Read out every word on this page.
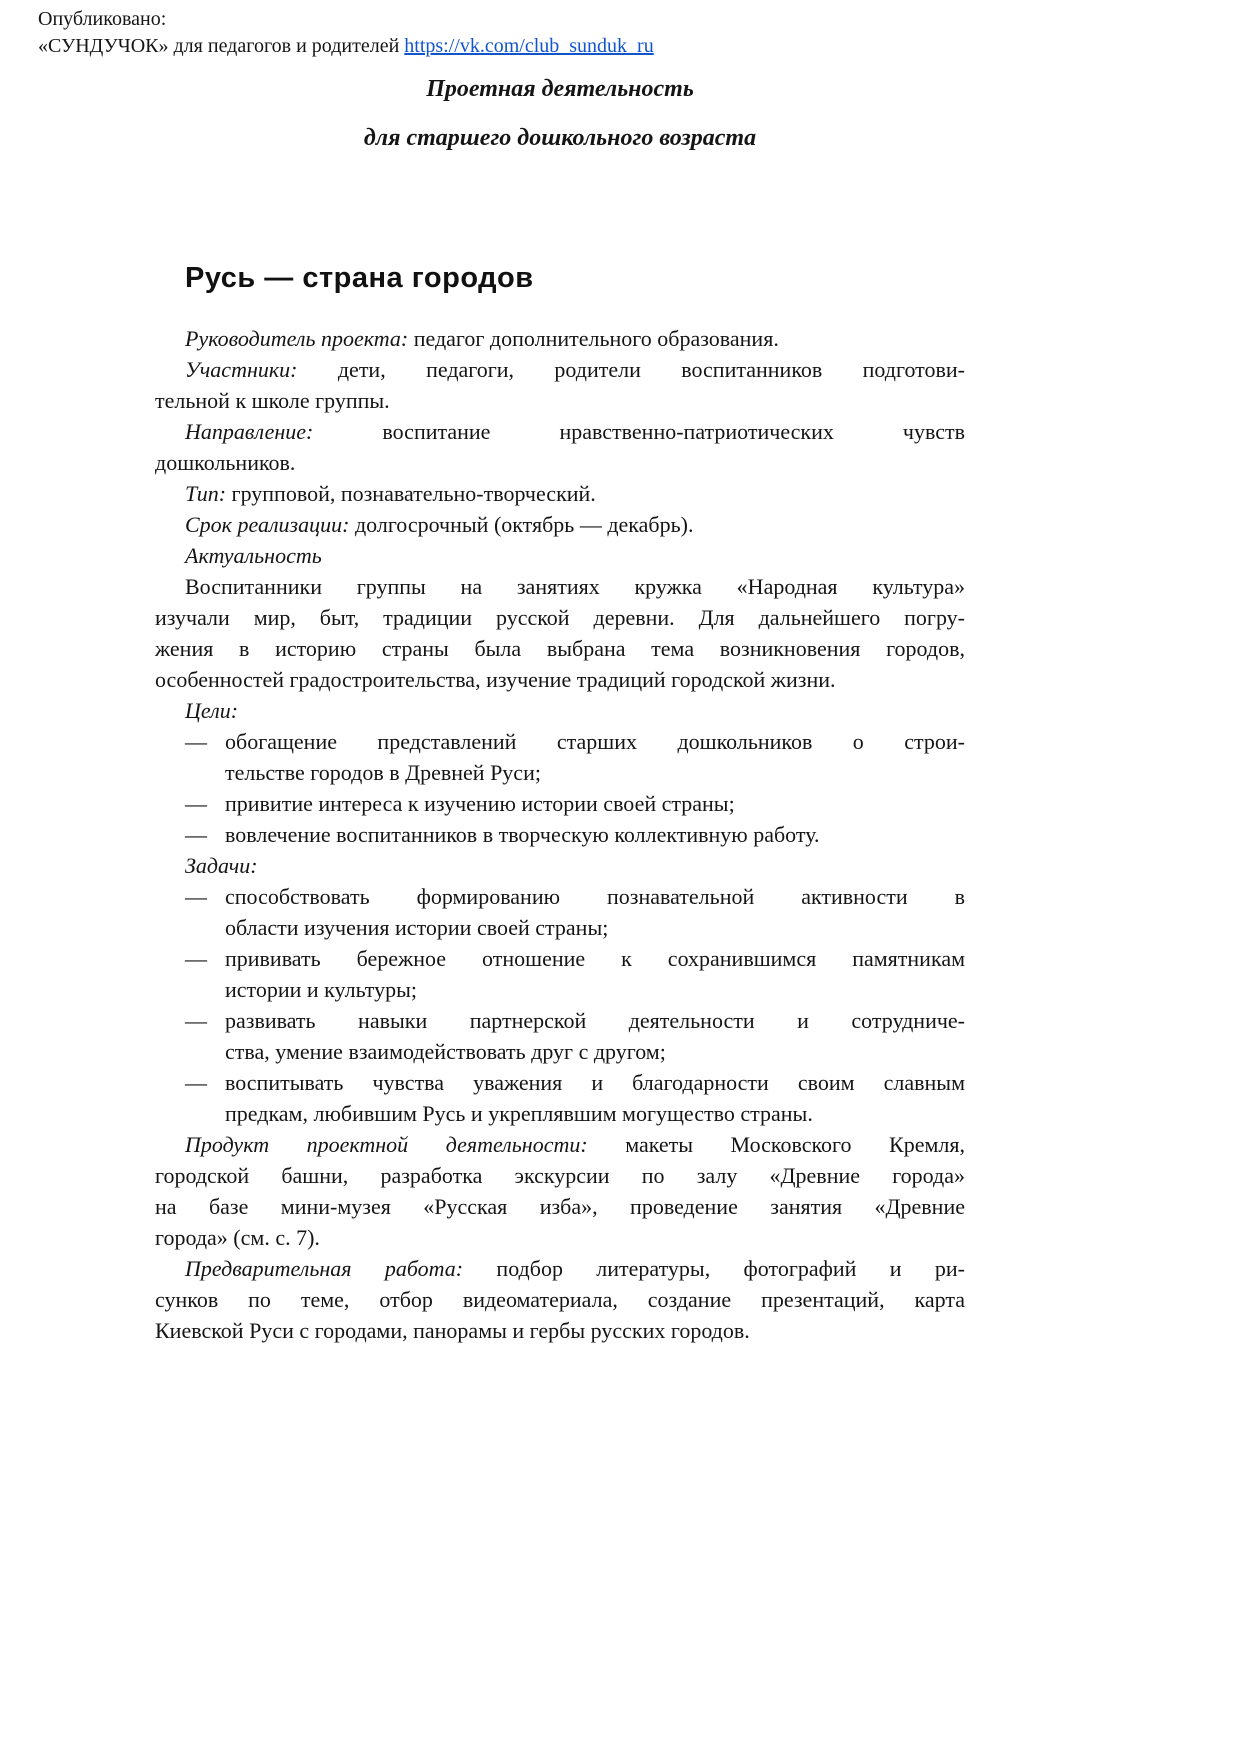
Опубликовано:
«СУНДУЧОК» для педагогов и родителей https://vk.com/club_sunduk_ru
Проетная деятельность
для старшего дошкольного возраста
Русь — страна городов
Руководитель проекта: педагог дополнительного образования.
Участники: дети, педагоги, родители воспитанников подготови-
тельной к школе группы.
Направление: воспитание нравственно-патриотических чувств
дошкольников.
Тип: групповой, познавательно-творческий.
Срок реализации: долгосрочный (октябрь — декабрь).
Актуальность
Воспитанники группы на занятиях кружка «Народная культура»
изучали мир, быт, традиции русской деревни. Для дальнейшего погру-
жения в историю страны была выбрана тема возникновения городов,
особенностей градостроительства, изучение традиций городской жизни.
Цели:
— обогащение представлений старших дошкольников о строи-
тельстве городов в Древней Руси;
— привитие интереса к изучению истории своей страны;
— вовлечение воспитанников в творческую коллективную работу.
Задачи:
— способствовать формированию познавательной активности в
области изучения истории своей страны;
— прививать бережное отношение к сохранившимся памятникам
истории и культуры;
— развивать навыки партнерской деятельности и сотрудниче-
ства, умение взаимодействовать друг с другом;
— воспитывать чувства уважения и благодарности своим славным
предкам, любившим Русь и укреплявшим могущество страны.
Продукт проектной деятельности: макеты Московского Кремля,
городской башни, разработка экскурсии по залу «Древние города»
на базе мини-музея «Русская изба», проведение занятия «Древние
города» (см. с. 7).
Предварительная работа: подбор литературы, фотографий и ри-
сунков по теме, отбор видеоматериала, создание презентаций, карта
Киевской Руси с городами, панорамы и гербы русских городов.
